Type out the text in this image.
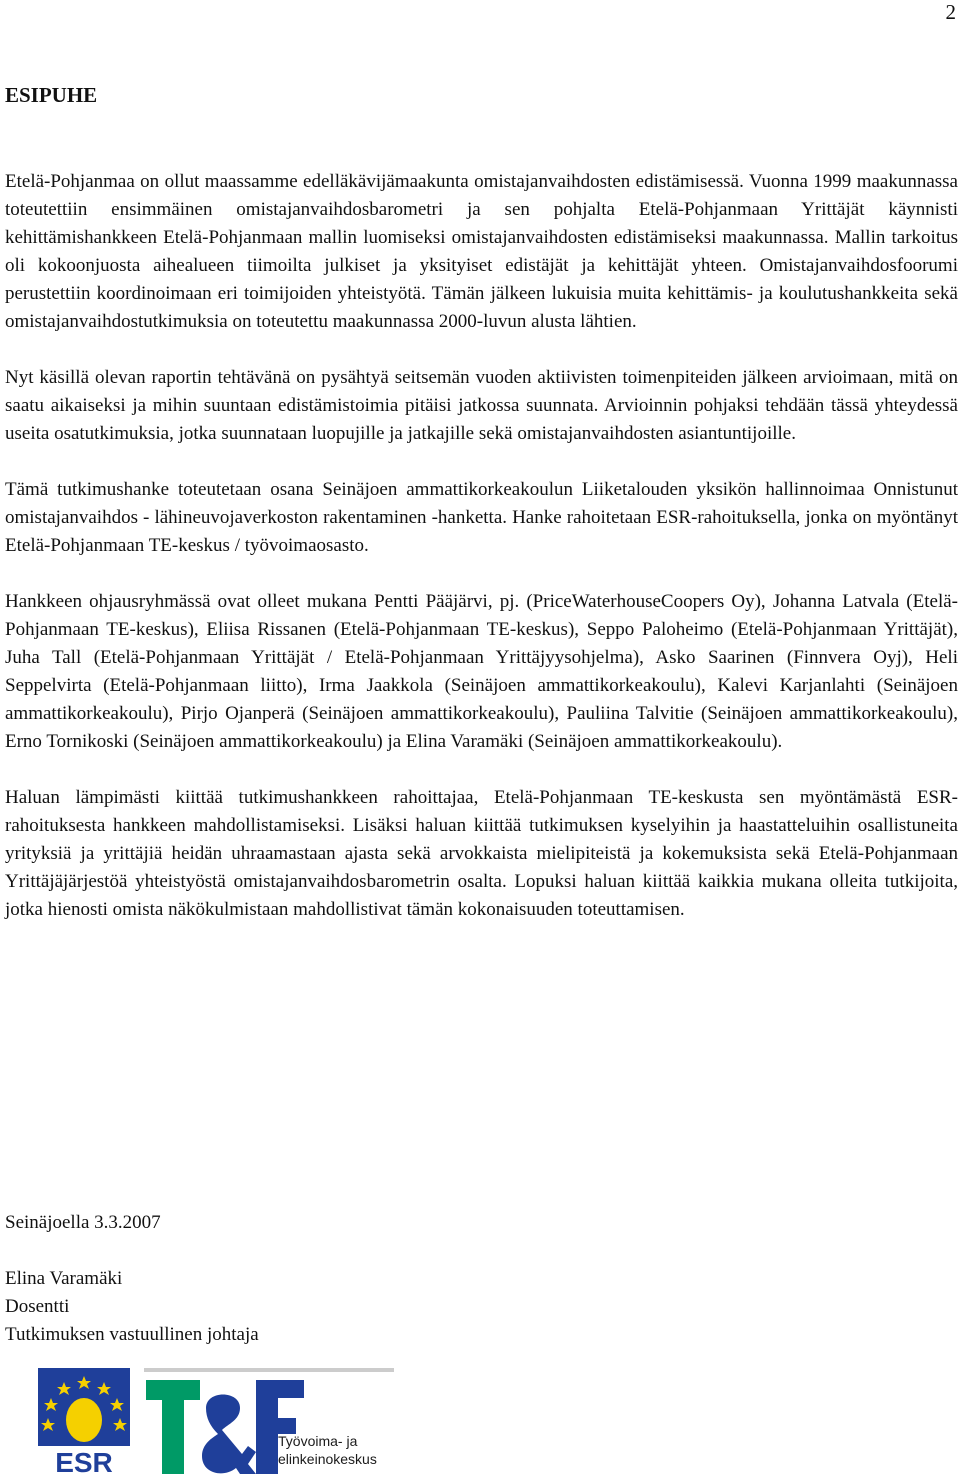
2
ESIPUHE

Etelä-Pohjanmaa on ollut maassamme edelläkävijämaakunta omistajanvaihdosten edistämisessä. Vuonna 1999 maakunnassa toteutettiin ensimmäinen omistajanvaihdosbarometri ja sen pohjalta Etelä-Pohjanmaan Yrittäjät käynnisti kehittämishankkeen Etelä-Pohjanmaan mallin luomiseksi omistajanvaihdosten edistämiseksi maakunnassa. Mallin tarkoitus oli kokoonjuosta aihealueen tiimoilta julkiset ja yksityiset edistäjät ja kehittäjät yhteen. Omistajanvaihdosfoorumi perustettiin koordinoimaan eri toimijoiden yhteistyötä. Tämän jälkeen lukuisia muita kehittämis- ja koulutushankkeita sekä omistajanvaihdostutkimuksia on toteutettu maakunnassa 2000-luvun alusta lähtien.

Nyt käsillä olevan raportin tehtävänä on pysähtyä seitsemän vuoden aktiivisten toimenpiteiden jälkeen arvioimaan, mitä on saatu aikaiseksi ja mihin suuntaan edistämistoimia pitäisi jatkossa suunnata. Arvioinnin pohjaksi tehdään tässä yhteydessä useita osatutkimuksia, jotka suunnataan luopujille ja jatkajille sekä omistajanvaihdosten asiantuntijoille.

Tämä tutkimushanke toteutetaan osana Seinäjoen ammattikorkeakoulun Liiketalouden yksikön hallinnoimaa Onnistunut omistajanvaihdos - lähineuvojaverkoston rakentaminen -hanketta. Hanke rahoitetaan ESR-rahoituksella, jonka on myöntänyt Etelä-Pohjanmaan TE-keskus / työvoimaosasto.

Hankkeen ohjausryhmässä ovat olleet mukana Pentti Pääjärvi, pj. (PriceWaterhouseCoopers Oy), Johanna Latvala (Etelä-Pohjanmaan TE-keskus), Eliisa Rissanen (Etelä-Pohjanmaan TE-keskus), Seppo Paloheimo (Etelä-Pohjanmaan Yrittäjät), Juha Tall (Etelä-Pohjanmaan Yrittäjät / Etelä-Pohjanmaan Yrittäjyysohjelma), Asko Saarinen (Finnvera Oyj), Heli Seppelvirta (Etelä-Pohjanmaan liitto), Irma Jaakkola (Seinäjoen ammattikorkeakoulu), Kalevi Karjanlahti (Seinäjoen ammattikorkeakoulu), Pirjo Ojanperä (Seinäjoen ammattikorkeakoulu), Pauliina Talvitie (Seinäjoen ammattikorkeakoulu), Erno Tornikoski (Seinäjoen ammattikorkeakoulu) ja Elina Varamäki (Seinäjoen ammattikorkeakoulu).

Haluan lämpimästi kiittää tutkimushankkeen rahoittajaa, Etelä-Pohjanmaan TE-keskusta sen myöntämästä ESR-rahoituksesta hankkeen mahdollistamiseksi. Lisäksi haluan kiittää tutkimuksen kyselyihin ja haastatteluihin osallistuneita yrityksiä ja yrittäjiä heidän uhraamastaan ajasta sekä arvokkaista mielipiteistä ja kokemuksista sekä Etelä-Pohjanmaan Yrittäjäjärjestöä yhteistyöstä omistajanvaihdosbarometrin osalta. Lopuksi haluan kiittää kaikkia mukana olleita tutkijoita, jotka hienosti omista näkökulmistaan mahdollistivat tämän kokonaisuuden toteuttamisen.

Seinäjoella 3.3.2007
Elina Varamäki
Dosentti
Tutkimuksen vastuullinen johtaja
ESR
Työvoima- ja
elinkeinokeskus
